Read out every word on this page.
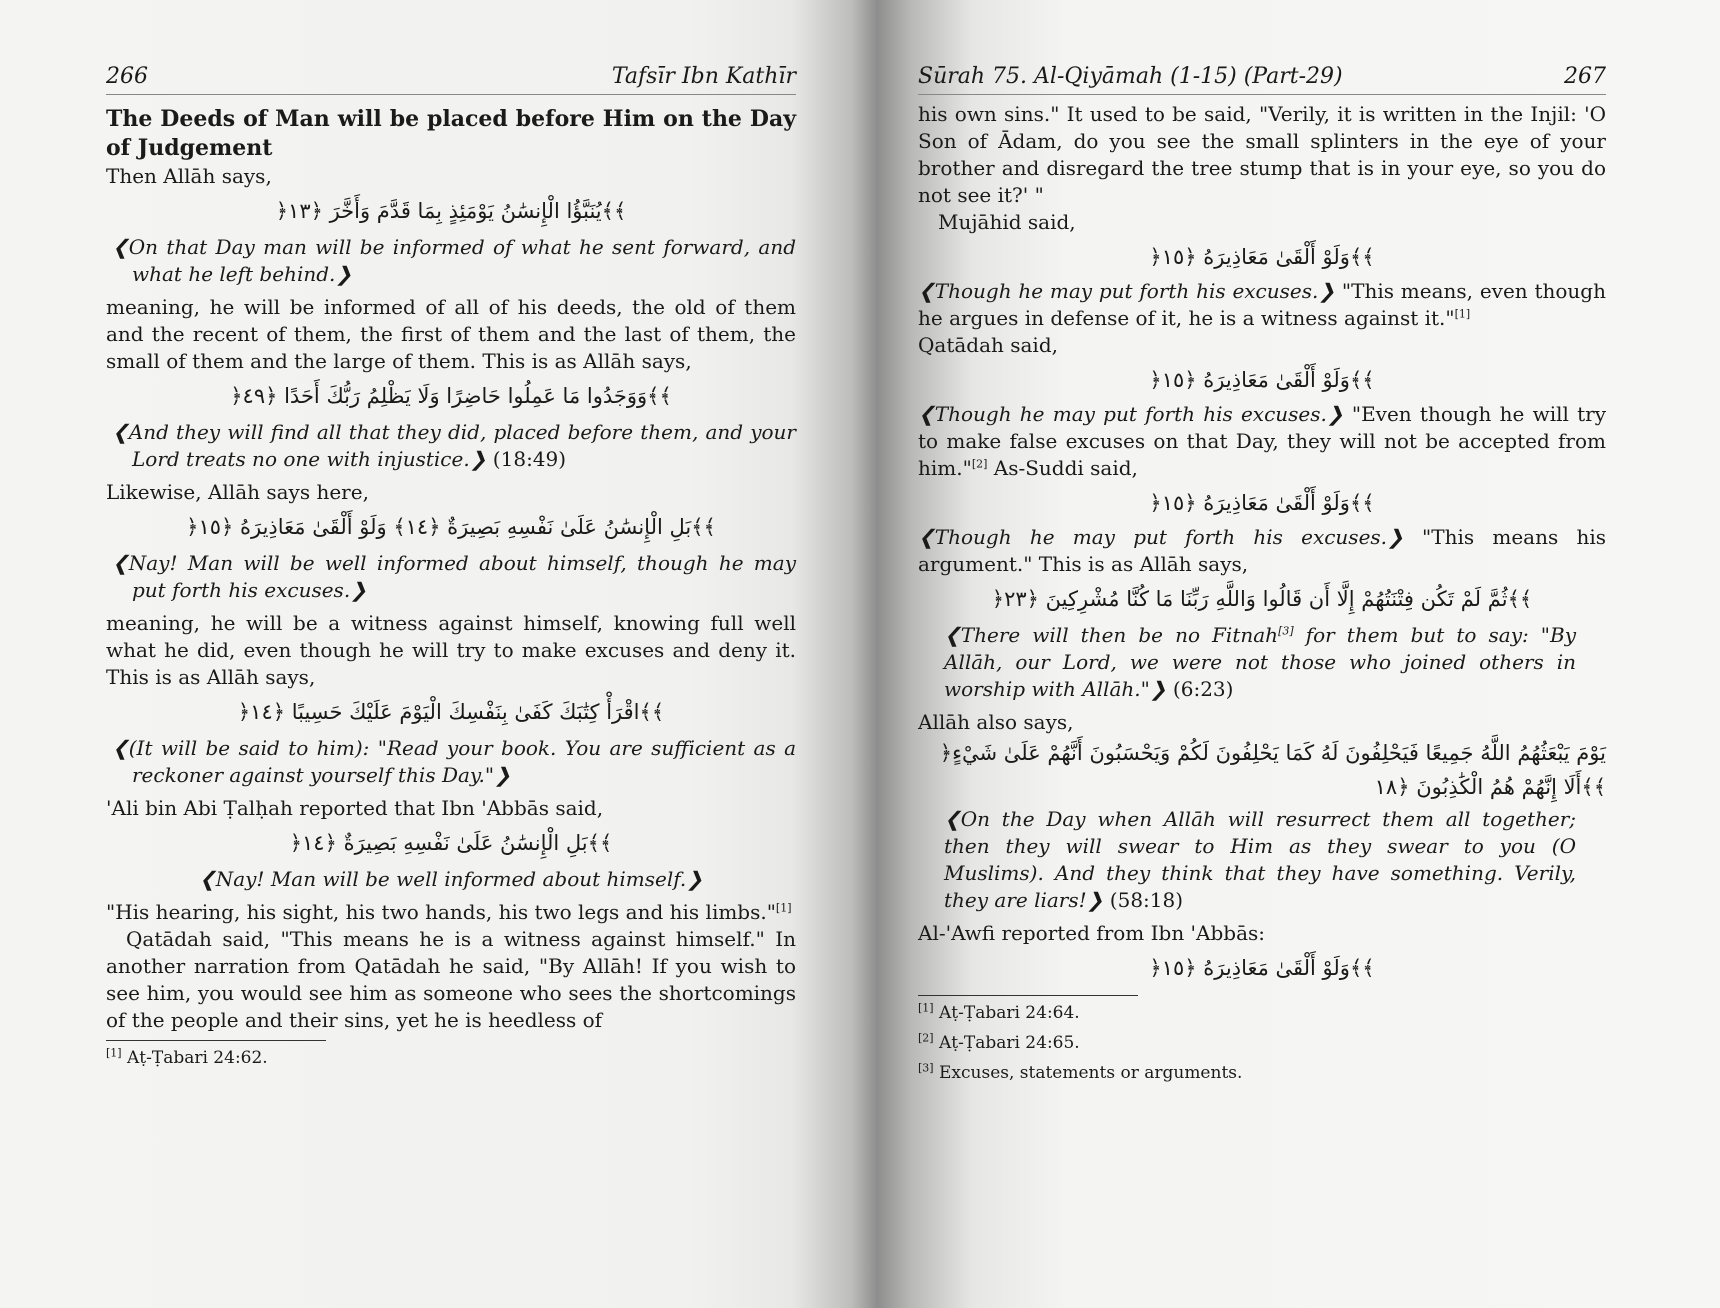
266	Tafsīr Ibn Kathīr
The Deeds of Man will be placed before Him on the Day of Judgement

Then Allāh says,

﴿يُنَبَّؤُا الْإِنسَٰنُ يَوْمَئِذٍ بِمَا قَدَّمَ وَأَخَّرَ ﴿١٣﴾﴾

❮On that Day man will be informed of what he sent forward, and what he left behind.❯

meaning, he will be informed of all of his deeds, the old of them and the recent of them, the first of them and the last of them, the small of them and the large of them. This is as Allāh says,

﴿وَوَجَدُوا مَا عَمِلُوا حَاضِرًا وَلَا يَظْلِمُ رَبُّكَ أَحَدًا ﴿٤٩﴾﴾

❮And they will find all that they did, placed before them, and your Lord treats no one with injustice.❯ (18:49)

Likewise, Allāh says here,

﴿بَلِ الْإِنسَٰنُ عَلَىٰ نَفْسِهِ بَصِيرَةٌ ﴿١٤﴾ وَلَوْ أَلْقَىٰ مَعَاذِيرَهُ ﴿١٥﴾﴾

❮Nay! Man will be well informed about himself, though he may put forth his excuses.❯

meaning, he will be a witness against himself, knowing full well what he did, even though he will try to make excuses and deny it. This is as Allāh says,

﴿اقْرَأْ كِتَٰبَكَ كَفَىٰ بِنَفْسِكَ الْيَوْمَ عَلَيْكَ حَسِيبًا ﴿١٤﴾﴾

❮(It will be said to him): "Read your book. You are sufficient as a reckoner against yourself this Day."❯

'Ali bin Abi Ṭalḥah reported that Ibn 'Abbās said,

﴿بَلِ الْإِنسَٰنُ عَلَىٰ نَفْسِهِ بَصِيرَةٌ ﴿١٤﴾﴾

❮Nay! Man will be well informed about himself.❯

"His hearing, his sight, his two hands, his two legs and his limbs."[1]

Qatādah said, "This means he is a witness against himself." In another narration from Qatādah he said, "By Allāh! If you wish to see him, you would see him as someone who sees the shortcomings of the people and their sins, yet he is heedless of

[1] Aṭ-Ṭabari 24:62.
Sūrah 75. Al-Qiyāmah (1-15) (Part-29)	267

his own sins." It used to be said, "Verily, it is written in the Injil: 'O Son of Ādam, do you see the small splinters in the eye of your brother and disregard the tree stump that is in your eye, so you do not see it?' "

Mujāhid said,

﴿وَلَوْ أَلْقَىٰ مَعَاذِيرَهُ ﴿١٥﴾﴾

❮Though he may put forth his excuses.❯ "This means, even though he argues in defense of it, he is a witness against it."[1]

Qatādah said,

﴿وَلَوْ أَلْقَىٰ مَعَاذِيرَهُ ﴿١٥﴾﴾

❮Though he may put forth his excuses.❯ "Even though he will try to make false excuses on that Day, they will not be accepted from him."[2] As-Suddi said,

﴿وَلَوْ أَلْقَىٰ مَعَاذِيرَهُ ﴿١٥﴾﴾

❮Though he may put forth his excuses.❯ "This means his argument." This is as Allāh says,

﴿ثُمَّ لَمْ تَكُن فِتْنَتُهُمْ إِلَّا أَن قَالُوا وَاللَّهِ رَبِّنَا مَا كُنَّا مُشْرِكِينَ ﴿٢٣﴾﴾

❮There will then be no Fitnah[3] for them but to say: "By Allāh, our Lord, we were not those who joined others in worship with Allāh."❯ (6:23)

Allāh also says,

﴿يَوْمَ يَبْعَثُهُمُ اللَّهُ جَمِيعًا فَيَحْلِفُونَ لَهُ كَمَا يَحْلِفُونَ لَكُمْ وَيَحْسَبُونَ أَنَّهُمْ عَلَىٰ شَيْءٍ أَلَا إِنَّهُمْ هُمُ الْكَٰذِبُونَ ﴿١٨﴾﴾

❮On the Day when Allāh will resurrect them all together; then they will swear to Him as they swear to you (O Muslims). And they think that they have something. Verily, they are liars!❯ (58:18)

Al-'Awfi reported from Ibn 'Abbās:

﴿وَلَوْ أَلْقَىٰ مَعَاذِيرَهُ ﴿١٥﴾﴾
[1] Aṭ-Ṭabari 24:64.
[2] Aṭ-Ṭabari 24:65.
[3] Excuses, statements or arguments.
